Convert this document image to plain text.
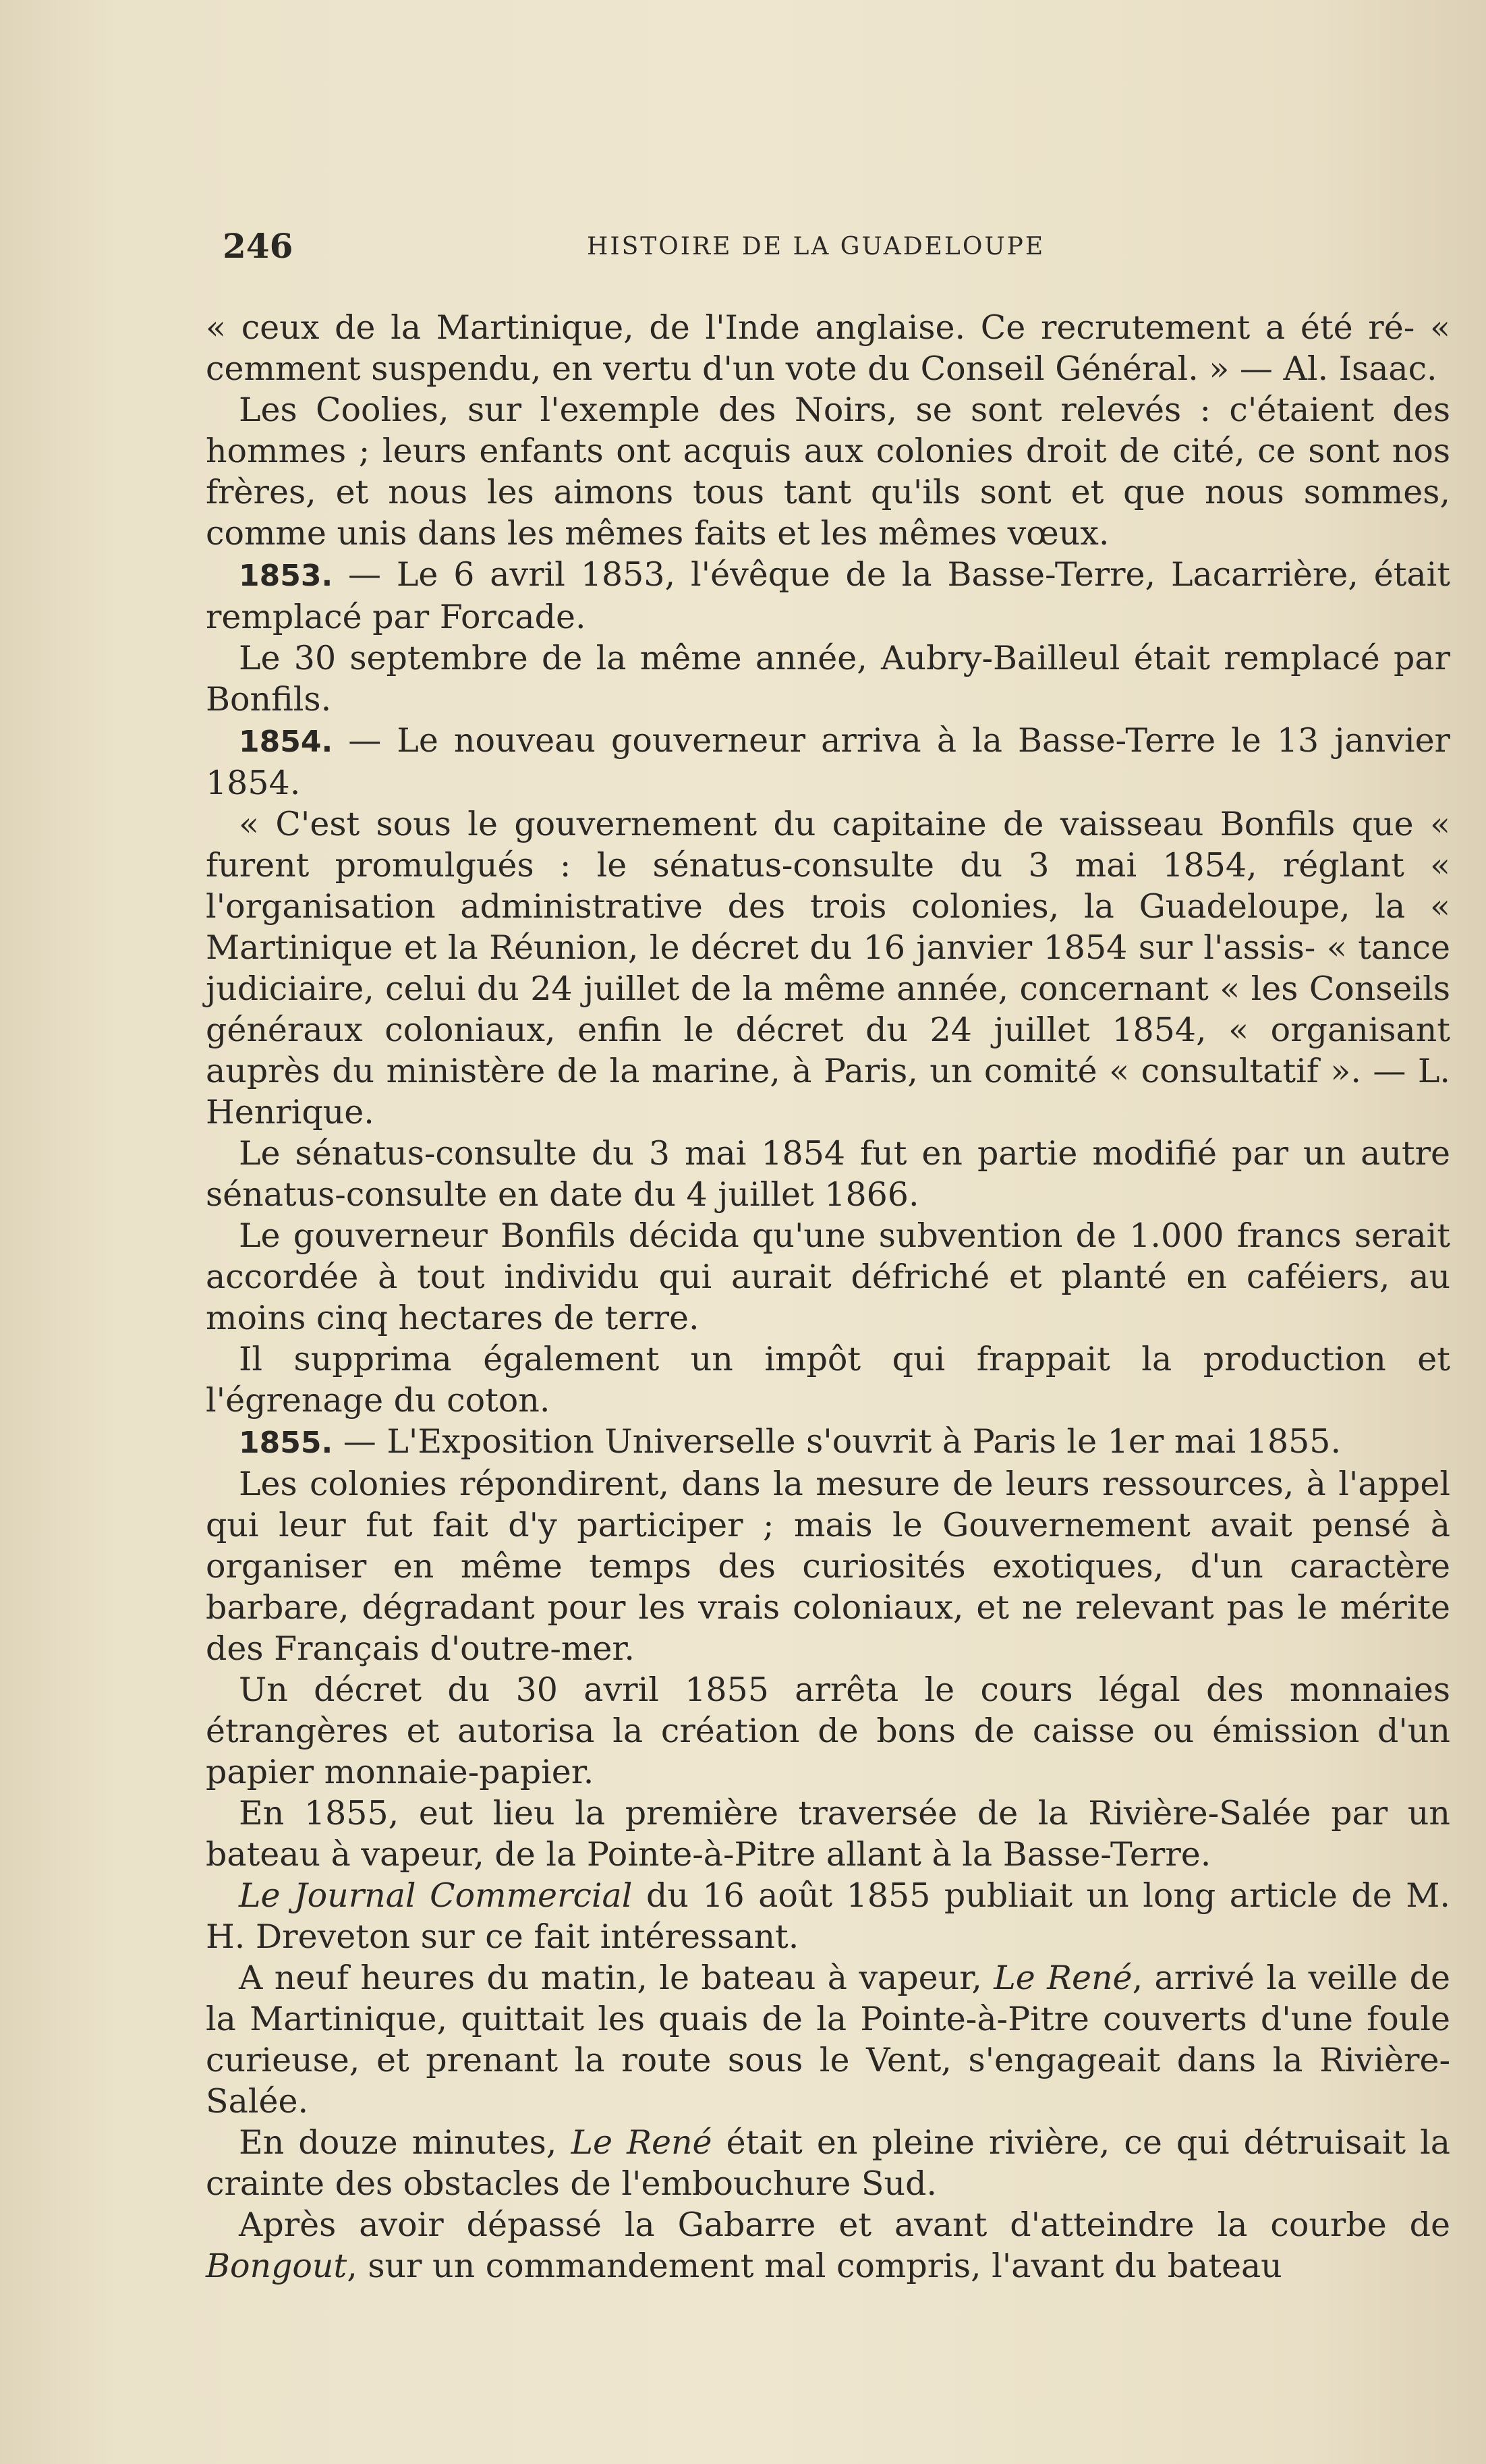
246	HISTOIRE DE LA GUADELOUPE

« ceux de la Martinique, de l'Inde anglaise. Ce recrutement a été ré- « cemment suspendu, en vertu d'un vote du Conseil Général. » — Al. Isaac.

Les Coolies, sur l'exemple des Noirs, se sont relevés : c'étaient des hommes ; leurs enfants ont acquis aux colonies droit de cité, ce sont nos frères, et nous les aimons tous tant qu'ils sont et que nous sommes, comme unis dans les mêmes faits et les mêmes vœux.

1853. — Le 6 avril 1853, l'évêque de la Basse-Terre, Lacarrière, était remplacé par Forcade.

Le 30 septembre de la même année, Aubry-Bailleul était remplacé par Bonfils.

1854. — Le nouveau gouverneur arriva à la Basse-Terre le 13 janvier 1854.

« C'est sous le gouvernement du capitaine de vaisseau Bonfils que « furent promulgués : le sénatus-consulte du 3 mai 1854, réglant « l'organisation administrative des trois colonies, la Guadeloupe, la « Martinique et la Réunion, le décret du 16 janvier 1854 sur l'assis- « tance judiciaire, celui du 24 juillet de la même année, concernant « les Conseils généraux coloniaux, enfin le décret du 24 juillet 1854, « organisant auprès du ministère de la marine, à Paris, un comité « consultatif ». — L. Henrique.

Le sénatus-consulte du 3 mai 1854 fut en partie modifié par un autre sénatus-consulte en date du 4 juillet 1866.

Le gouverneur Bonfils décida qu'une subvention de 1.000 francs serait accordée à tout individu qui aurait défriché et planté en caféiers, au moins cinq hectares de terre.

Il supprima également un impôt qui frappait la production et l'égrenage du coton.

1855. — L'Exposition Universelle s'ouvrit à Paris le 1er mai 1855.

Les colonies répondirent, dans la mesure de leurs ressources, à l'appel qui leur fut fait d'y participer ; mais le Gouvernement avait pensé à organiser en même temps des curiosités exotiques, d'un caractère barbare, dégradant pour les vrais coloniaux, et ne relevant pas le mérite des Français d'outre-mer.

Un décret du 30 avril 1855 arrêta le cours légal des monnaies étrangères et autorisa la création de bons de caisse ou émission d'un papier monnaie-papier.

En 1855, eut lieu la première traversée de la Rivière-Salée par un bateau à vapeur, de la Pointe-à-Pitre allant à la Basse-Terre.

Le Journal Commercial du 16 août 1855 publiait un long article de M. H. Dreveton sur ce fait intéressant.

A neuf heures du matin, le bateau à vapeur, Le René, arrivé la veille de la Martinique, quittait les quais de la Pointe-à-Pitre couverts d'une foule curieuse, et prenant la route sous le Vent, s'engageait dans la Rivière-Salée.

En douze minutes, Le René était en pleine rivière, ce qui détruisait la crainte des obstacles de l'embouchure Sud.

Après avoir dépassé la Gabarre et avant d'atteindre la courbe de Bongout, sur un commandement mal compris, l'avant du bateau
